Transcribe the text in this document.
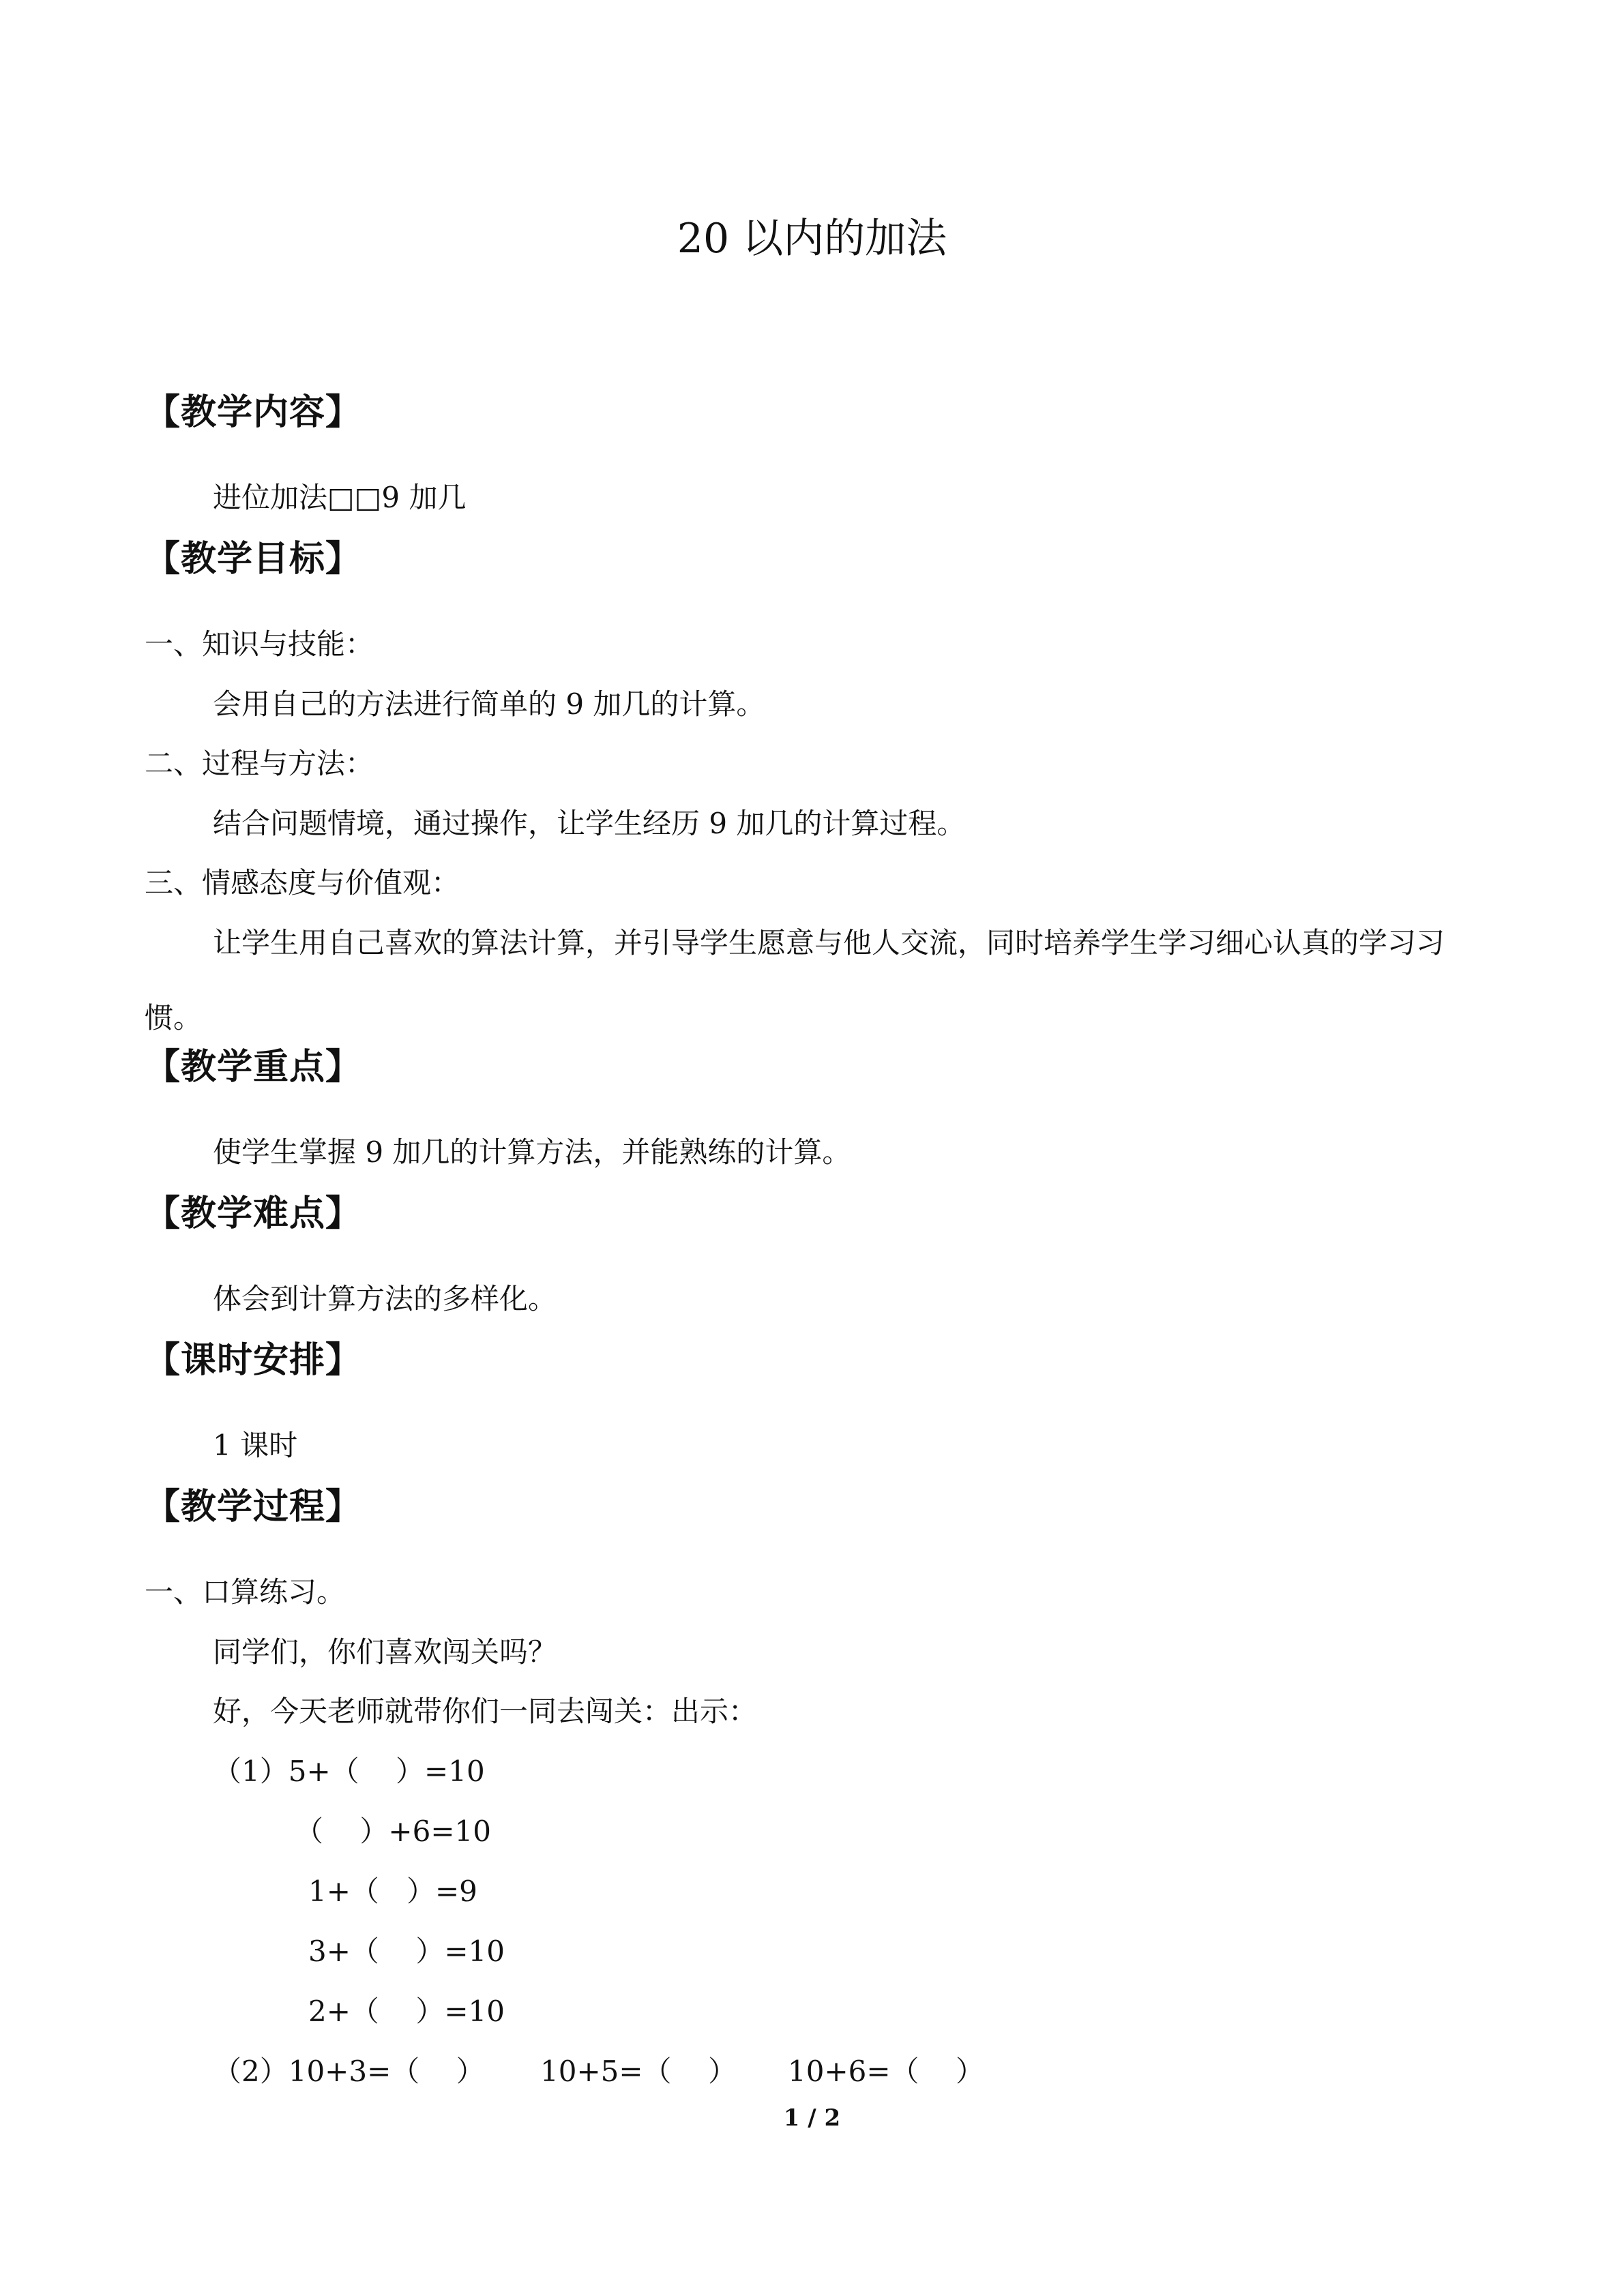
20 以内的加法
【教学内容】
进位加法□□9 加几
【教学目标】
一、知识与技能：
会用自己的方法进行简单的 9 加几的计算。
二、过程与方法：
结合问题情境，通过操作，让学生经历 9 加几的计算过程。
三、情感态度与价值观：
让学生用自己喜欢的算法计算，并引导学生愿意与他人交流，同时培养学生学习细心认真的学习习惯。
【教学重点】
使学生掌握 9 加几的计算方法，并能熟练的计算。
【教学难点】
体会到计算方法的多样化。
【课时安排】
1 课时
【教学过程】
一、口算练习。
同学们，你们喜欢闯关吗？
好，今天老师就带你们一同去闯关：出示：
（1）5+（    ）=10
（    ）+6=10
1+（   ）=9
3+（    ）=10
2+（    ）=10

（2）10+3=（    ）

10+5=（    ）

10+6=（    ）

1 / 2
